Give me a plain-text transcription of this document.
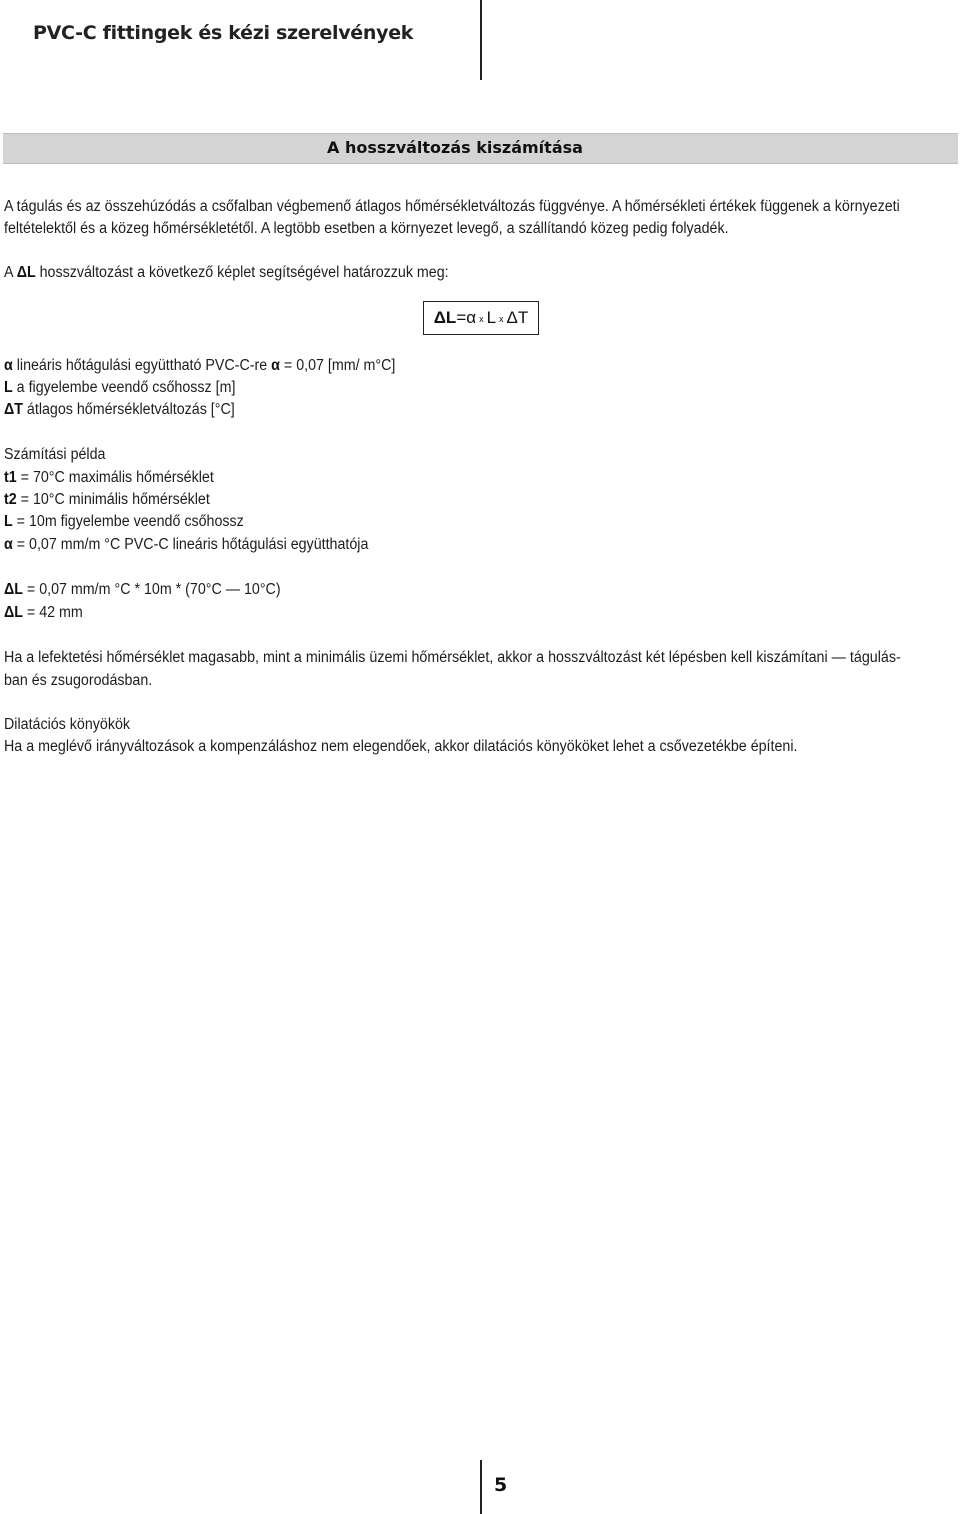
PVC-C fittingek és kézi szerelvények
A hosszváltozás kiszámítása
A tágulás és az összehúzódás a csőfalban végbemenő átlagos hőmérsékletváltozás függvénye. A hőmérsékleti értékek függenek a környezeti
feltételektől és a közeg hőmérsékletétől. A legtöbb esetben a környezet levegő, a szállítandó közeg pedig folyadék.
A ΔL hosszváltozást a következő képlet segítségével határozzuk meg:
ΔL=α x L x ΔT
α lineáris hőtágulási együttható PVC-C-re α = 0,07 [mm/ m°C]
L a figyelembe veendő csőhossz [m]
ΔT átlagos hőmérsékletváltozás [°C]
Számítási példa
t1 = 70°C maximális hőmérséklet
t2 = 10°C minimális hőmérséklet
L = 10m figyelembe veendő csőhossz
α = 0,07 mm/m °C PVC-C lineáris hőtágulási együtthatója
ΔL = 0,07 mm/m °C * 10m * (70°C — 10°C)
ΔL = 42 mm
Ha a lefektetési hőmérséklet magasabb, mint a minimális üzemi hőmérséklet, akkor a hosszváltozást két lépésben kell kiszámítani — tágulás-
ban és zsugorodásban.
Dilatációs könyökök
Ha a meglévő irányváltozások a kompenzáláshoz nem elegendőek, akkor dilatációs könyököket lehet a csővezetékbe építeni.
5
